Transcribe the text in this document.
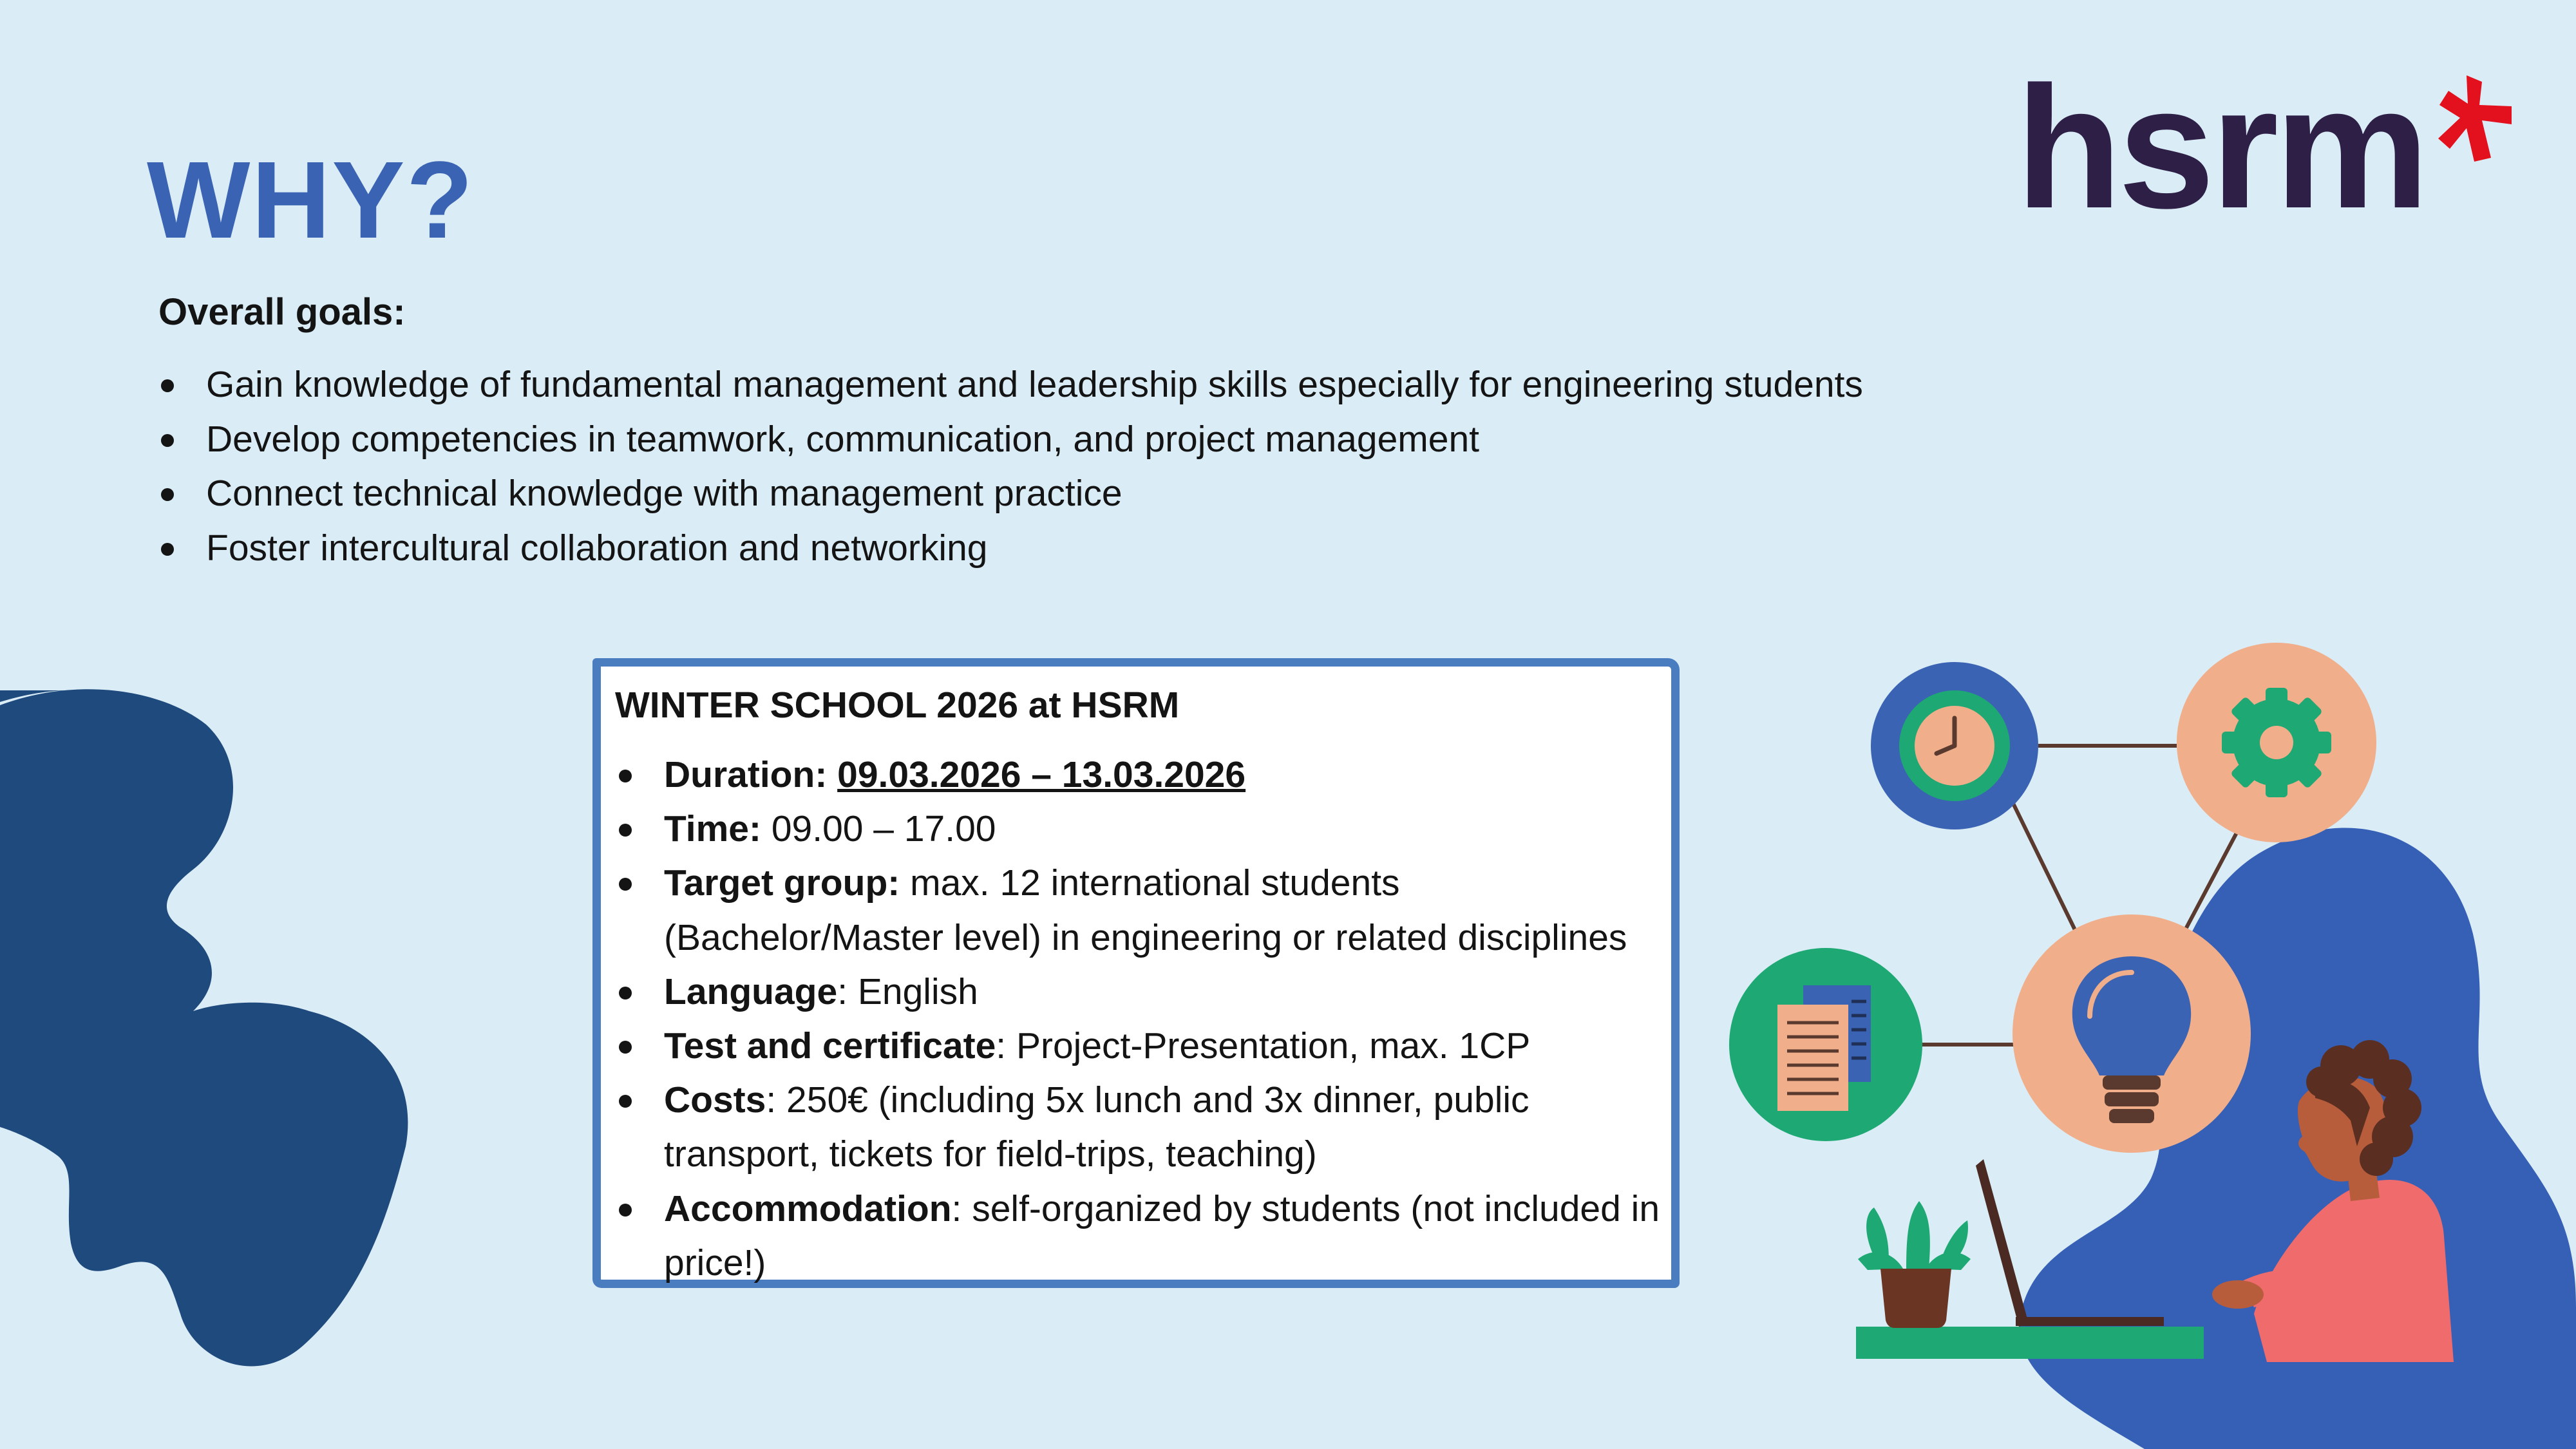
WHY?	hsrm
Overall goals:
Gain knowledge of fundamental management and leadership skills especially for engineering students
Develop competencies in teamwork, communication, and project management
Connect technical knowledge with management practice
Foster intercultural collaboration and networking
WINTER SCHOOL 2026 at HSRM
Duration: 09.03.2026 – 13.03.2026
Time: 09.00 – 17.00
Target group: max. 12 international students (Bachelor/Master level) in engineering or related disciplines
Language: English
Test and certificate: Project-Presentation, max. 1CP
Costs: 250€ (including 5x lunch and 3x dinner, public transport, tickets for field-trips, teaching)
Accommodation: self-organized by students (not included in price!)
